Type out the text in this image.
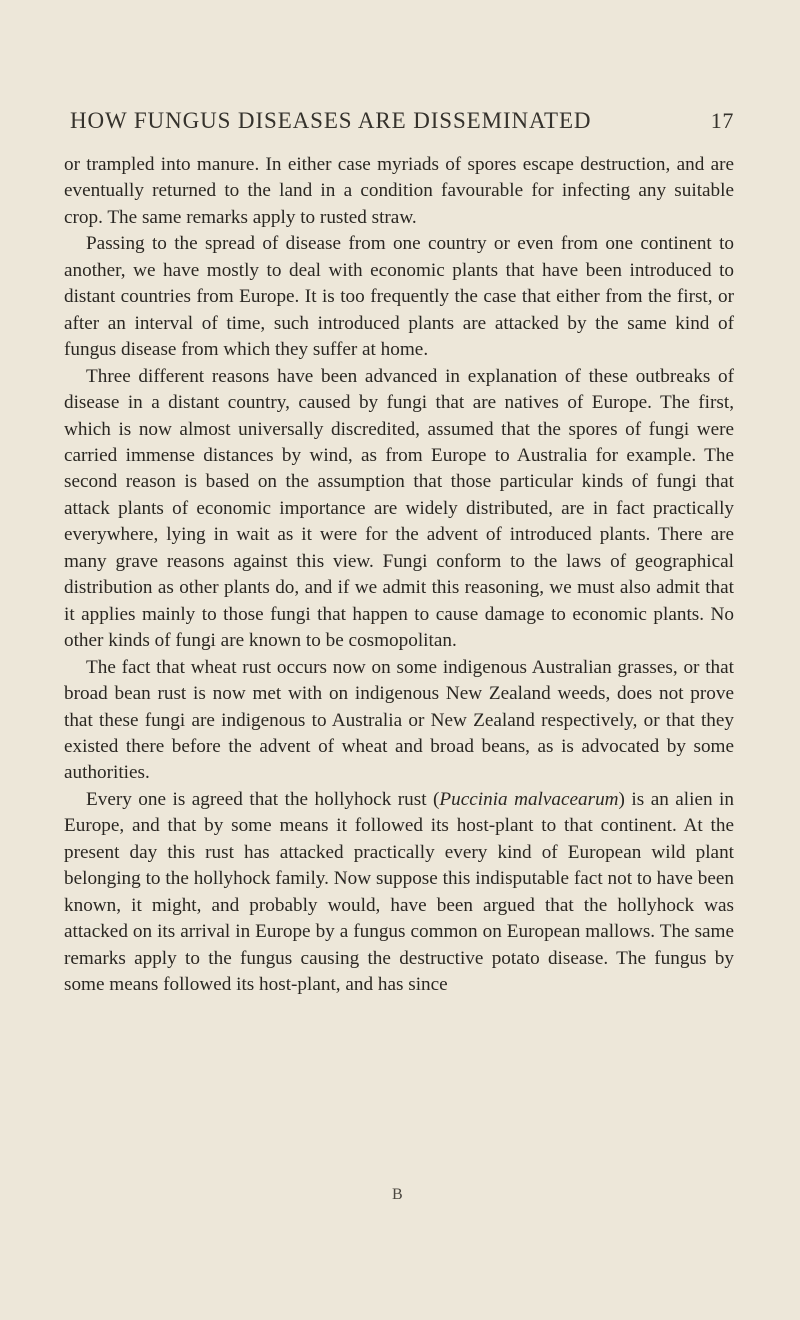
HOW FUNGUS DISEASES ARE DISSEMINATED	17

or trampled into manure. In either case myriads of spores escape destruction, and are eventually returned to the land in a condition favourable for infecting any suitable crop. The same remarks apply to rusted straw.

Passing to the spread of disease from one country or even from one continent to another, we have mostly to deal with economic plants that have been introduced to distant countries from Europe. It is too frequently the case that either from the first, or after an interval of time, such introduced plants are attacked by the same kind of fungus disease from which they suffer at home.

Three different reasons have been advanced in explanation of these outbreaks of disease in a distant country, caused by fungi that are natives of Europe. The first, which is now almost universally discredited, assumed that the spores of fungi were carried immense distances by wind, as from Europe to Australia for example. The second reason is based on the assumption that those particular kinds of fungi that attack plants of economic importance are widely distributed, are in fact practically everywhere, lying in wait as it were for the advent of introduced plants. There are many grave reasons against this view. Fungi conform to the laws of geographical distribution as other plants do, and if we admit this reasoning, we must also admit that it applies mainly to those fungi that happen to cause damage to economic plants. No other kinds of fungi are known to be cosmopolitan.

The fact that wheat rust occurs now on some indigenous Australian grasses, or that broad bean rust is now met with on indigenous New Zealand weeds, does not prove that these fungi are indigenous to Australia or New Zealand respectively, or that they existed there before the advent of wheat and broad beans, as is advocated by some authorities.

Every one is agreed that the hollyhock rust (Puccinia malvacearum) is an alien in Europe, and that by some means it followed its host-plant to that continent. At the present day this rust has attacked practically every kind of European wild plant belonging to the hollyhock family. Now suppose this indisputable fact not to have been known, it might, and probably would, have been argued that the hollyhock was attacked on its arrival in Europe by a fungus common on European mallows. The same remarks apply to the fungus causing the destructive potato disease. The fungus by some means followed its host-plant, and has since

B
